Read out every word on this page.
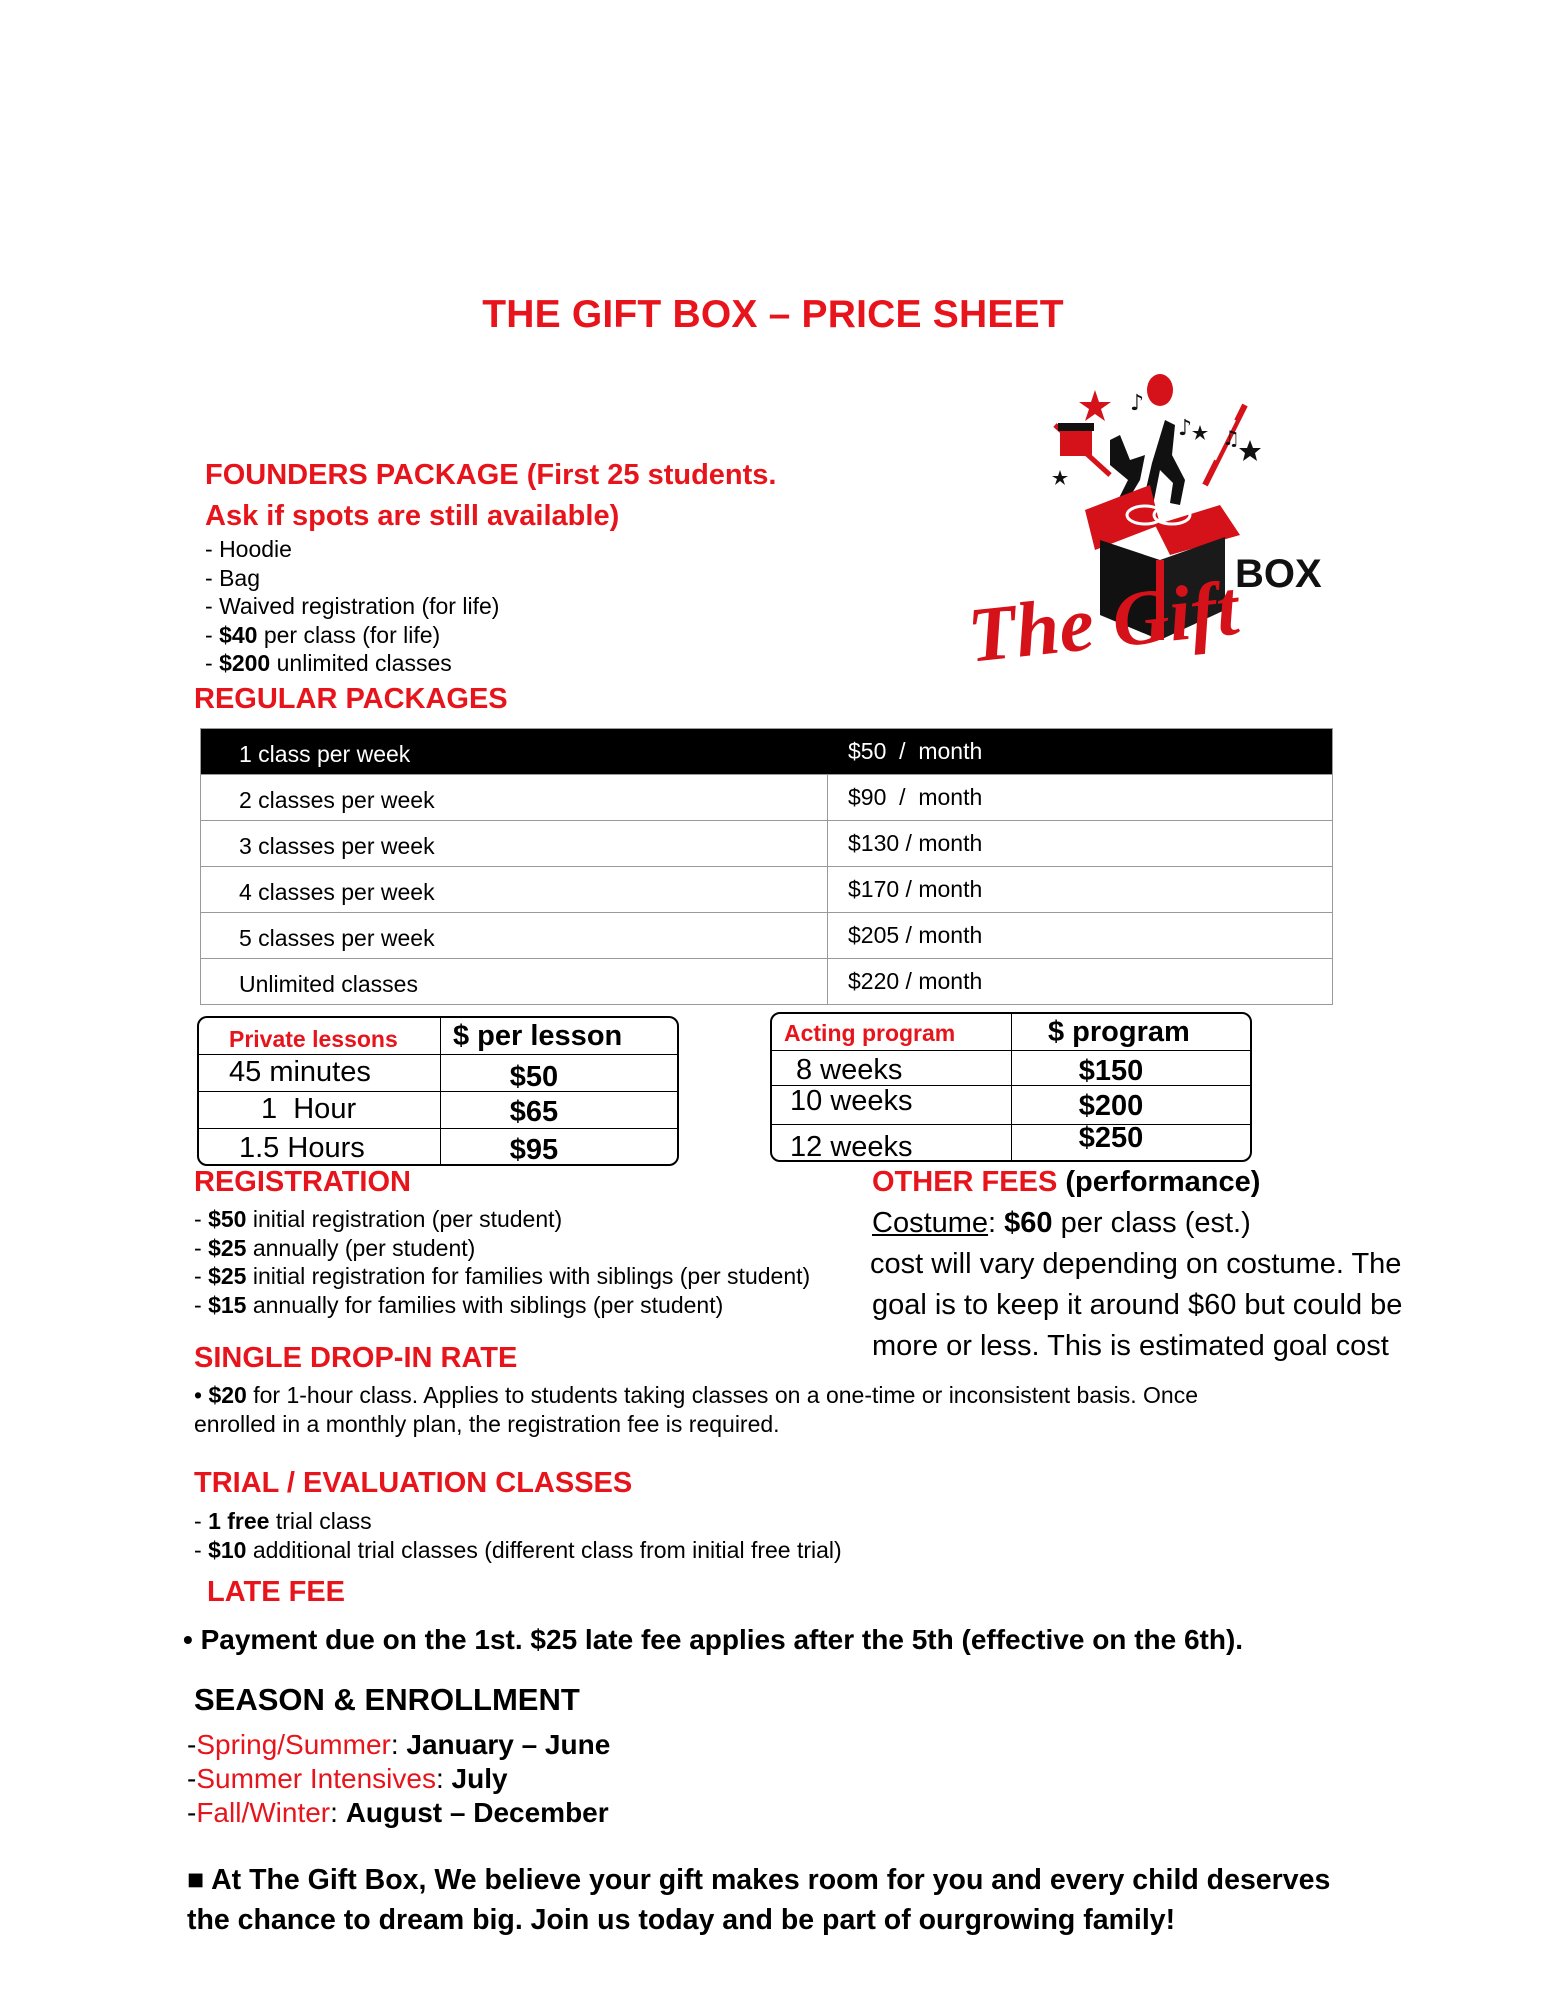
THE GIFT BOX – PRICE SHEET
♪
♪ ♫
BOX
The Gift
FOUNDERS PACKAGE (First 25 students.
Ask if spots are still available)
- Hoodie
- Bag
- Waived registration (for life)
- $40 per class (for life)
- $200 unlimited classes
REGULAR PACKAGES
1 class per week	$50  /  month
2 classes per week	$90  /  month
3 classes per week	$130 / month
4 classes per week	$170 / month
5 classes per week	$205 / month
Unlimited classes	$220 / month
Private lessons	$ per lesson
45 minutes	$50
1  Hour	$65
1.5 Hours	$95
Acting program	$ program
8 weeks	$150
10 weeks	$200
12 weeks	$250
REGISTRATION
- $50 initial registration (per student)
- $25 annually (per student)
- $25 initial registration for families with siblings (per student)
- $15 annually for families with siblings (per student)
OTHER FEES (performance)
Costume: $60 per class (est.)
cost will vary depending on costume. The
goal is to keep it around $60 but could be
more or less. This is estimated goal cost
SINGLE DROP-IN RATE
• $20 for 1-hour class. Applies to students taking classes on a one-time or inconsistent basis. Once
enrolled in a monthly plan, the registration fee is required.
TRIAL / EVALUATION CLASSES
- 1 free trial class
- $10 additional trial classes (different class from initial free trial)
LATE FEE
• Payment due on the 1st. $25 late fee applies after the 5th (effective on the 6th).
SEASON & ENROLLMENT
-Spring/Summer: January – June
-Summer Intensives: July
-Fall/Winter: August – December
■ At The Gift Box, We believe your gift makes room for you and every child deserves
the chance to dream big. Join us today and be part of ourgrowing family!
